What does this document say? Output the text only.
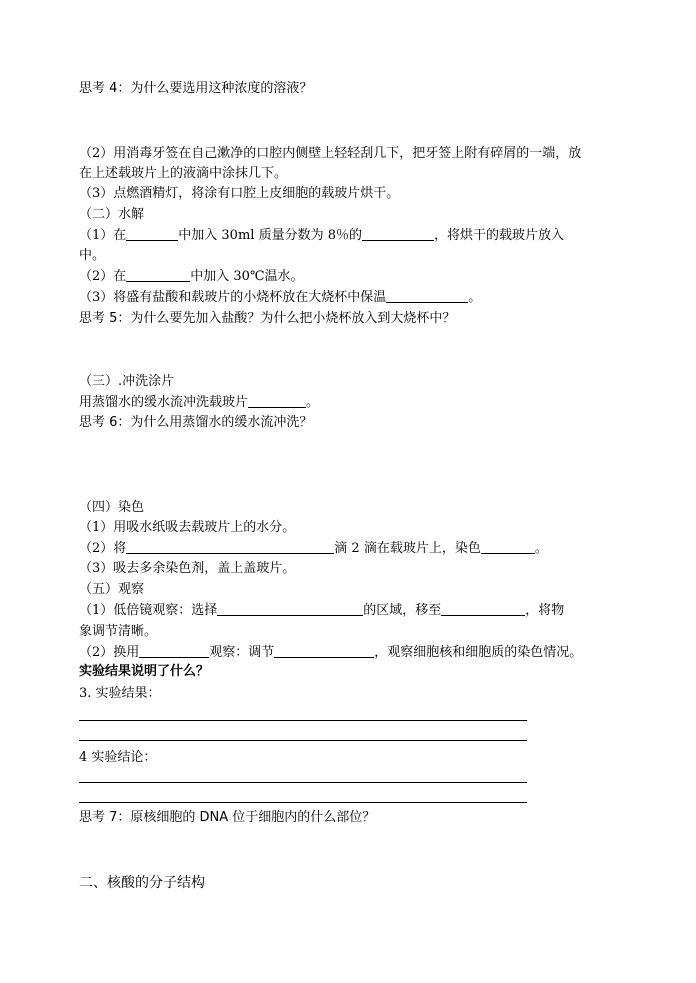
思考 4：为什么要选用这种浓度的溶液？
（2）用消毒牙签在自己漱净的口腔内侧壁上轻轻刮几下，把牙签上附有碎屑的一端，放
在上述载玻片上的液滴中涂抹几下。
（3）点燃酒精灯，将涂有口腔上皮细胞的载玻片烘干。
（二）水解
（1）在	中加入 30ml 质量分数为 8％的	，将烘干的载玻片放入
中。
（2）在	中加入 30℃温水。
（3）将盛有盐酸和载玻片的小烧杯放在大烧杯中保温	。
思考 5：为什么要先加入盐酸？为什么把小烧杯放入到大烧杯中？
（三）.冲洗涂片
用蒸馏水的缓水流冲洗载玻片	。
思考 6：为什么用蒸馏水的缓水流冲洗？
（四）染色
（1）用吸水纸吸去载玻片上的水分。
（2）将	滴 2 滴在载玻片上，染色	。
（3）吸去多余染色剂，盖上盖玻片。
（五）观察
（1）低倍镜观察：选择	的区域，移至	，将物
象调节清晰。
（2）换用	观察：调节	，观察细胞核和细胞质的染色情况。
实验结果说明了什么？
3. 实验结果：
4 实验结论：
思考 7：原核细胞的 DNA 位于细胞内的什么部位？
二、核酸的分子结构
